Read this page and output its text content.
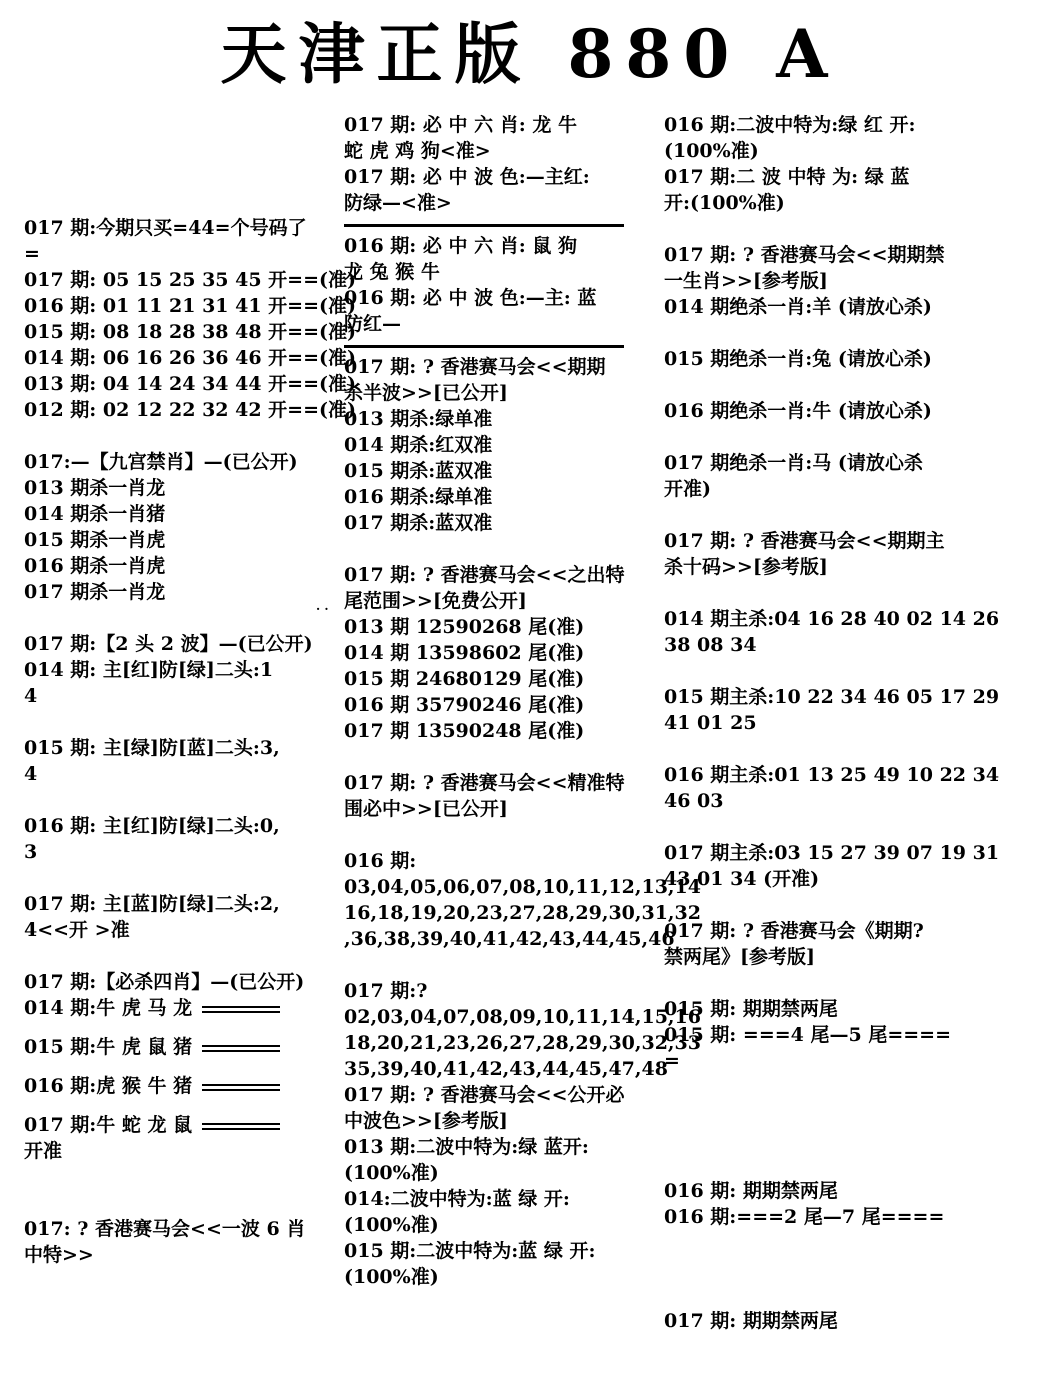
天津正版 880 A
017 期:今期只买=44=个号码了
=
017 期: 05 15 25 35 45 开==(准)
016 期: 01 11 21 31 41 开==(准)
015 期: 08 18 28 38 48 开==(准)
014 期: 06 16 26 36 46 开==(准)
013 期: 04 14 24 34 44 开==(准)
012 期: 02 12 22 32 42 开==(准)
017:—【九宫禁肖】—(已公开)
013 期杀一肖龙
014 期杀一肖猪
015 期杀一肖虎
016 期杀一肖虎
017 期杀一肖龙
017 期:【2 头 2 波】—(已公开)
014 期: 主[红]防[绿]二头:1
4
015 期: 主[绿]防[蓝]二头:3,
4
016 期: 主[红]防[绿]二头:0,
3
017 期: 主[蓝]防[绿]二头:2,
4<<开 >准
017 期:【必杀四肖】—(已公开)
014 期:牛 虎 马 龙
015 期:牛 虎 鼠 猪
016 期:虎 猴 牛 猪
017 期:牛 蛇 龙 鼠
开准
017: ? 香港赛马会<<一波 6 肖
中特>>
· ·
017 期: 必 中 六 肖: 龙 牛
蛇 虎 鸡 狗<准>
017 期: 必 中 波 色:—主红:
防绿—<准>
016 期: 必 中 六 肖: 鼠 狗
龙 兔 猴 牛
016 期: 必 中 波 色:—主: 蓝
防红—
017 期: ? 香港赛马会<<期期
杀半波>>[已公开]
013 期杀:绿单准
014 期杀:红双准
015 期杀:蓝双准
016 期杀:绿单准
017 期杀:蓝双准
017 期: ? 香港赛马会<<之出特
尾范围>>[免费公开]
013 期 12590268 尾(准)
014 期 13598602 尾(准)
015 期 24680129 尾(准)
016 期 35790246 尾(准)
017 期 13590248 尾(准)
017 期: ? 香港赛马会<<精准特
围必中>>[已公开]
016 期:
03,04,05,06,07,08,10,11,12,13,14
16,18,19,20,23,27,28,29,30,31,32
,36,38,39,40,41,42,43,44,45,46
017 期:?
02,03,04,07,08,09,10,11,14,15,16
18,20,21,23,26,27,28,29,30,32,33
35,39,40,41,42,43,44,45,47,48
017 期: ? 香港赛马会<<公开必
中波色>>[参考版]
013 期:二波中特为:绿 蓝开:
(100%准)
014:二波中特为:蓝 绿 开:
(100%准)
015 期:二波中特为:蓝 绿 开:
(100%准)
016 期:二波中特为:绿 红 开:
(100%准)
017 期:二 波 中特 为: 绿 蓝
开:(100%准)
017 期: ? 香港赛马会<<期期禁
一生肖>>[参考版]
014 期绝杀一肖:羊 (请放心杀)
015 期绝杀一肖:兔 (请放心杀)
016 期绝杀一肖:牛 (请放心杀)
017 期绝杀一肖:马 (请放心杀
开准)
017 期: ? 香港赛马会<<期期主
杀十码>>[参考版]
014 期主杀:04 16 28 40 02 14 26
38 08 34
015 期主杀:10 22 34 46 05 17 29
41 01 25
016 期主杀:01 13 25 49 10 22 34
46 03
017 期主杀:03 15 27 39 07 19 31
43 01 34 (开准)
017 期: ? 香港赛马会《期期?
禁两尾》[参考版]
015 期: 期期禁两尾
015 期: ===4 尾—5 尾====
=
016 期: 期期禁两尾
016 期:===2 尾—7 尾====
017 期: 期期禁两尾
